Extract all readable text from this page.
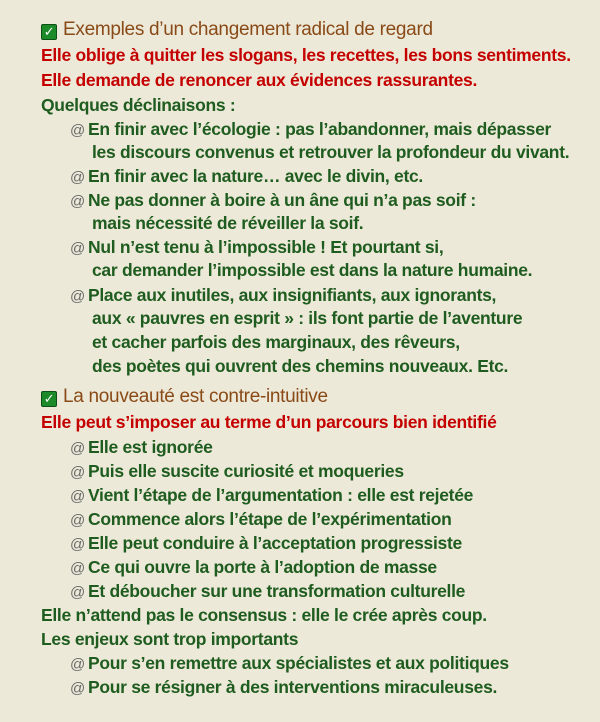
✓ Exemples d’un changement radical de regard
Elle oblige à quitter les slogans, les recettes, les bons sentiments.
Elle demande de renoncer aux évidences rassurantes.
Quelques déclinaisons :
@ En finir avec l’écologie : pas l’abandonner, mais dépasser
les discours convenus et retrouver la profondeur du vivant.
@ En finir avec la nature… avec le divin, etc.
@ Ne pas donner à boire à un âne qui n’a pas soif :
mais nécessité de réveiller la soif.
@ Nul n’est tenu à l’impossible ! Et pourtant si,
car demander l’impossible est dans la nature humaine.
@ Place aux inutiles, aux insignifiants, aux ignorants,
aux « pauvres en esprit » : ils font partie de l’aventure
et cacher parfois des marginaux, des rêveurs,
des poètes qui ouvrent des chemins nouveaux. Etc.
✓ La nouveauté est contre-intuitive
Elle peut s’imposer au terme d’un parcours bien identifié
@ Elle est ignorée
@ Puis elle suscite curiosité et moqueries
@ Vient l’étape de l’argumentation : elle est rejetée
@ Commence alors l’étape de l’expérimentation
@ Elle peut conduire à l’acceptation progressiste
@ Ce qui ouvre la porte à l’adoption de masse
@ Et déboucher sur une transformation culturelle
Elle n’attend pas le consensus : elle le crée après coup.
Les enjeux sont trop importants
@ Pour s’en remettre aux spécialistes et aux politiques
@ Pour se résigner à des interventions miraculeuses.
